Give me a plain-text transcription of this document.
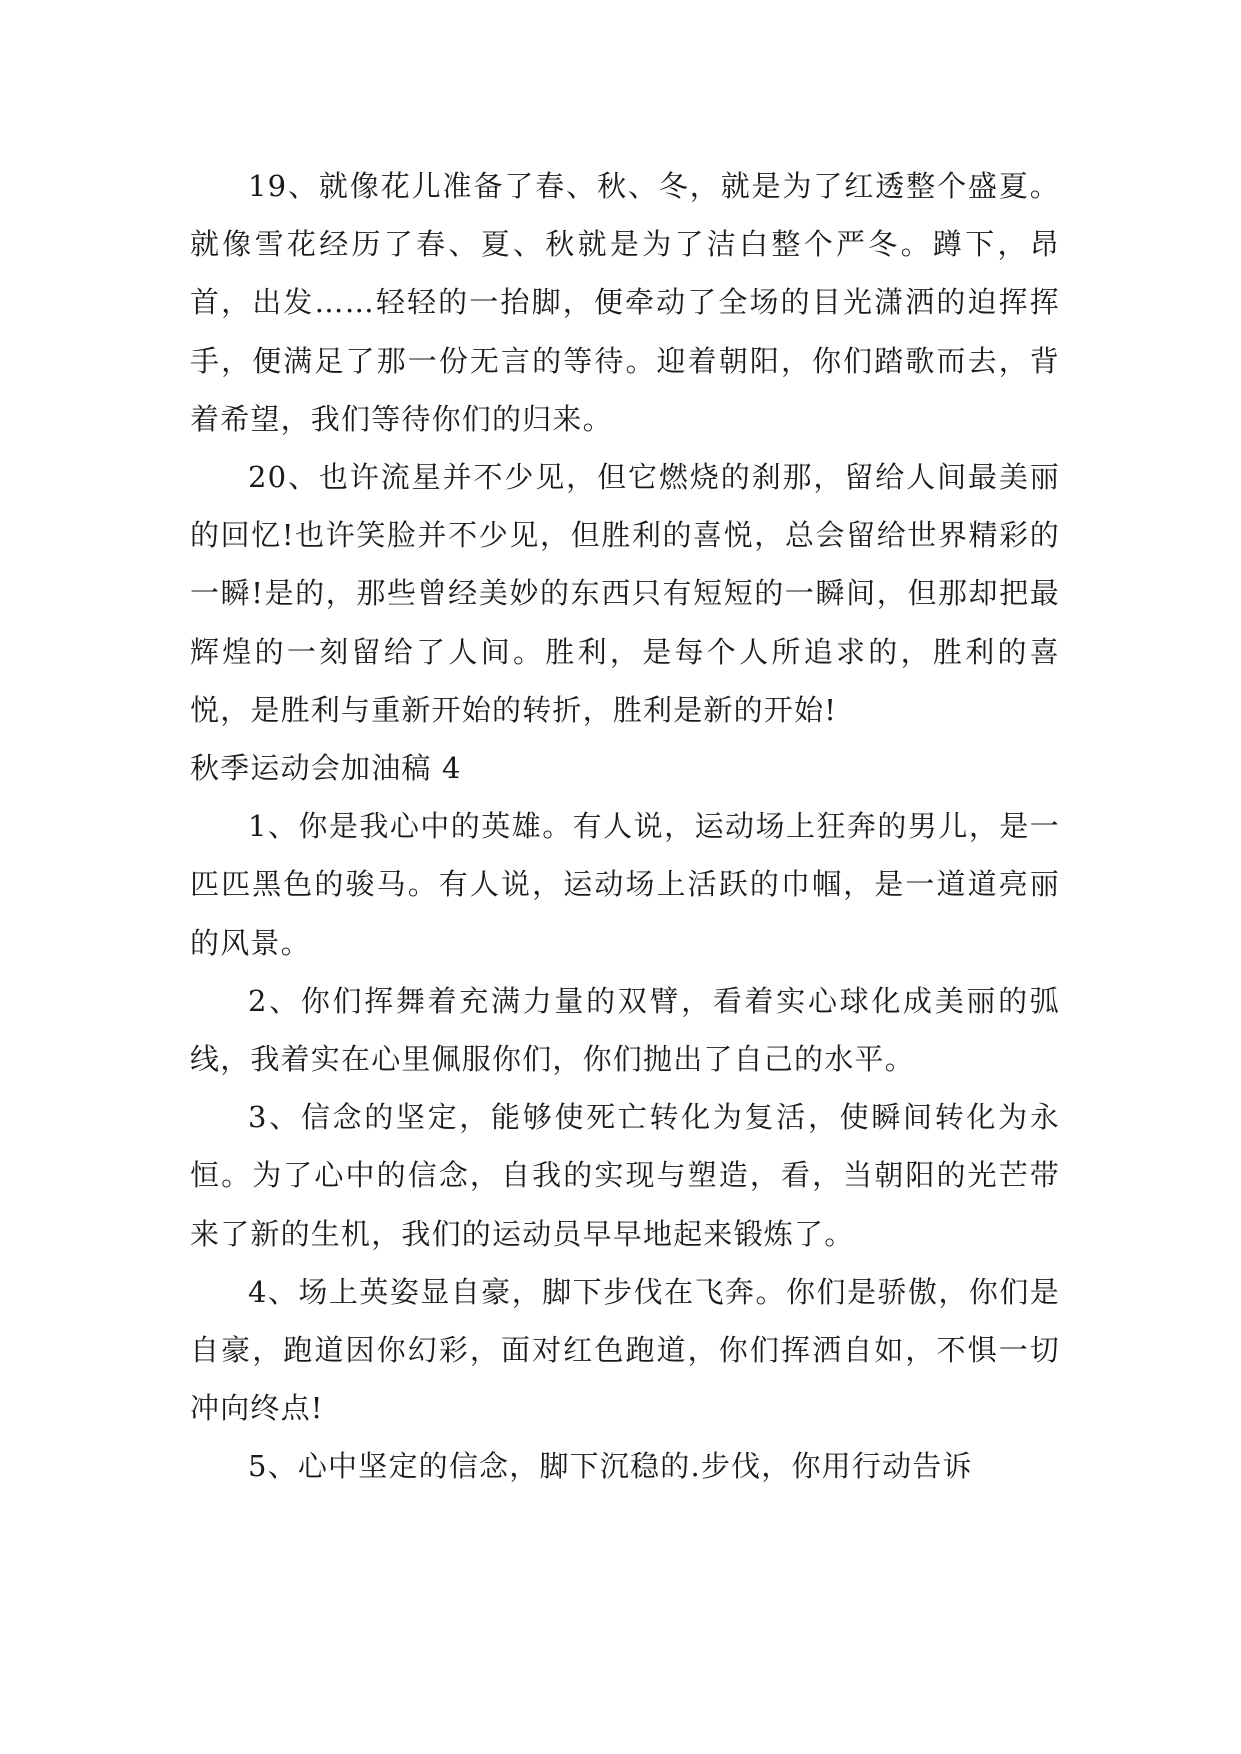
19、就像花儿准备了春、秋、冬，就是为了红透整个盛夏。就像雪花经历了春、夏、秋就是为了洁白整个严冬。蹲下，昂首，出发……轻轻的一抬脚，便牵动了全场的目光潇洒的迫挥挥手，便满足了那一份无言的等待。迎着朝阳，你们踏歌而去，背着希望，我们等待你们的归来。

20、也许流星并不少见，但它燃烧的刹那，留给人间最美丽的回忆!也许笑脸并不少见，但胜利的喜悦，总会留给世界精彩的一瞬!是的，那些曾经美妙的东西只有短短的一瞬间，但那却把最辉煌的一刻留给了人间。胜利，是每个人所追求的，胜利的喜悦，是胜利与重新开始的转折，胜利是新的开始!

秋季运动会加油稿 4

1、你是我心中的英雄。有人说，运动场上狂奔的男儿，是一匹匹黑色的骏马。有人说，运动场上活跃的巾帼，是一道道亮丽的风景。

2、你们挥舞着充满力量的双臂，看着实心球化成美丽的弧线，我着实在心里佩服你们，你们抛出了自己的水平。

3、信念的坚定，能够使死亡转化为复活，使瞬间转化为永恒。为了心中的信念，自我的实现与塑造，看，当朝阳的光芒带来了新的生机，我们的运动员早早地起来锻炼了。

4、场上英姿显自豪，脚下步伐在飞奔。你们是骄傲，你们是自豪，跑道因你幻彩，面对红色跑道，你们挥洒自如，不惧一切冲向终点!

5、心中坚定的信念，脚下沉稳的.步伐，你用行动告诉
